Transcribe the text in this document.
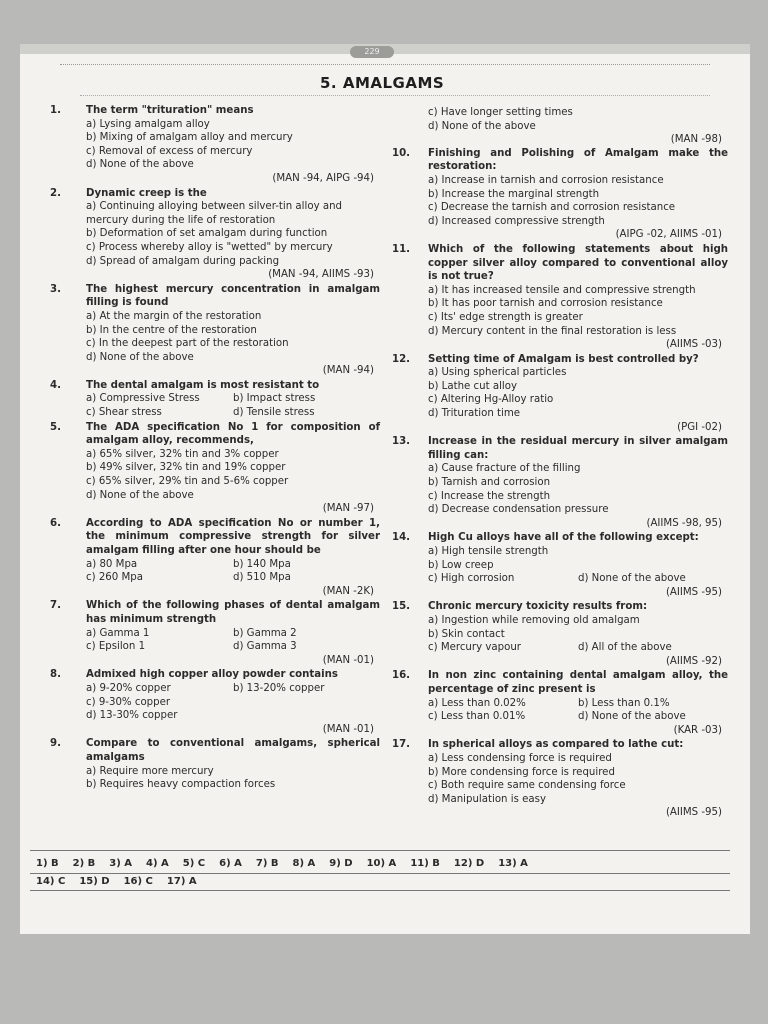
229
5. AMALGAMS
1. The term "trituration" means
a) Lysing amalgam alloy
b) Mixing of amalgam alloy and mercury
c) Removal of excess of mercury
d) None of the above
(MAN -94, AIPG -94)
2. Dynamic creep is the
a) Continuing alloying between silver-tin alloy and mercury during the life of restoration
b) Deformation of set amalgam during function
c) Process whereby alloy is "wetted" by mercury
d) Spread of amalgam during packing
(MAN -94, AIIMS -93)
3. The highest mercury concentration in amalgam filling is found
a) At the margin of the restoration
b) In the centre of the restoration
c) In the deepest part of the restoration
d) None of the above
(MAN -94)
4. The dental amalgam is most resistant to
a) Compressive Stress	b) Impact stress
c) Shear stress	d) Tensile stress
5. The ADA specification No 1 for composition of amalgam alloy, recommends,
a) 65% silver, 32% tin and 3% copper
b) 49% silver, 32% tin and 19% copper
c) 65% silver, 29% tin and 5-6% copper
d) None of the above
(MAN -97)
6. According to ADA specification No or number 1, the minimum compressive strength for silver amalgam filling after one hour should be
a) 80 Mpa	b) 140 Mpa
c) 260 Mpa	d) 510 Mpa
(MAN -2K)
7. Which of the following phases of dental amalgam has minimum strength
a) Gamma 1	b) Gamma 2
c) Epsilon 1	d) Gamma 3
(MAN -01)
8. Admixed high copper alloy powder contains
a) 9-20% copper	b) 13-20% copper
c) 9-30% copper
d) 13-30% copper
(MAN -01)
9. Compare to conventional amalgams, spherical amalgams
a) Require more mercury
b) Requires heavy compaction forces
c) Have longer setting times
d) None of the above
(MAN -98)
10. Finishing and Polishing of Amalgam make the restoration:
a) Increase in tarnish and corrosion resistance
b) Increase the marginal strength
c) Decrease the tarnish and corrosion resistance
d) Increased compressive strength
(AIPG -02, AIIMS -01)
11. Which of the following statements about high copper silver alloy compared to conventional alloy is not true?
a) It has increased tensile and compressive strength
b) It has poor tarnish and corrosion resistance
c) Its' edge strength is greater
d) Mercury content in the final restoration is less
(AIIMS -03)
12. Setting time of Amalgam is best controlled by?
a) Using spherical particles
b) Lathe cut alloy
c) Altering Hg-Alloy ratio
d) Trituration time
(PGI -02)
13. Increase in the residual mercury in silver amalgam filling can:
a) Cause fracture of the filling
b) Tarnish and corrosion
c) Increase the strength
d) Decrease condensation pressure
(AIIMS -98, 95)
14. High Cu alloys have all of the following except:
a) High tensile strength
b) Low creep
c) High corrosion	d) None of the above
(AIIMS -95)
15. Chronic mercury toxicity results from:
a) Ingestion while removing old amalgam
b) Skin contact
c) Mercury vapour	d) All of the above
(AIIMS -92)
16. In non zinc containing dental amalgam alloy, the percentage of zinc present is
a) Less than 0.02%	b) Less than 0.1%
c) Less than 0.01%	d) None of the above
(KAR -03)
17. In spherical alloys as compared to lathe cut:
a) Less condensing force is required
b) More condensing force is required
c) Both require same condensing force
d) Manipulation is easy
(AIIMS -95)
1) B 2) B 3) A 4) A 5) C 6) A 7) B 8) A 9) D 10) A 11) B 12) D 13) A
14) C 15) D 16) C 17) A
